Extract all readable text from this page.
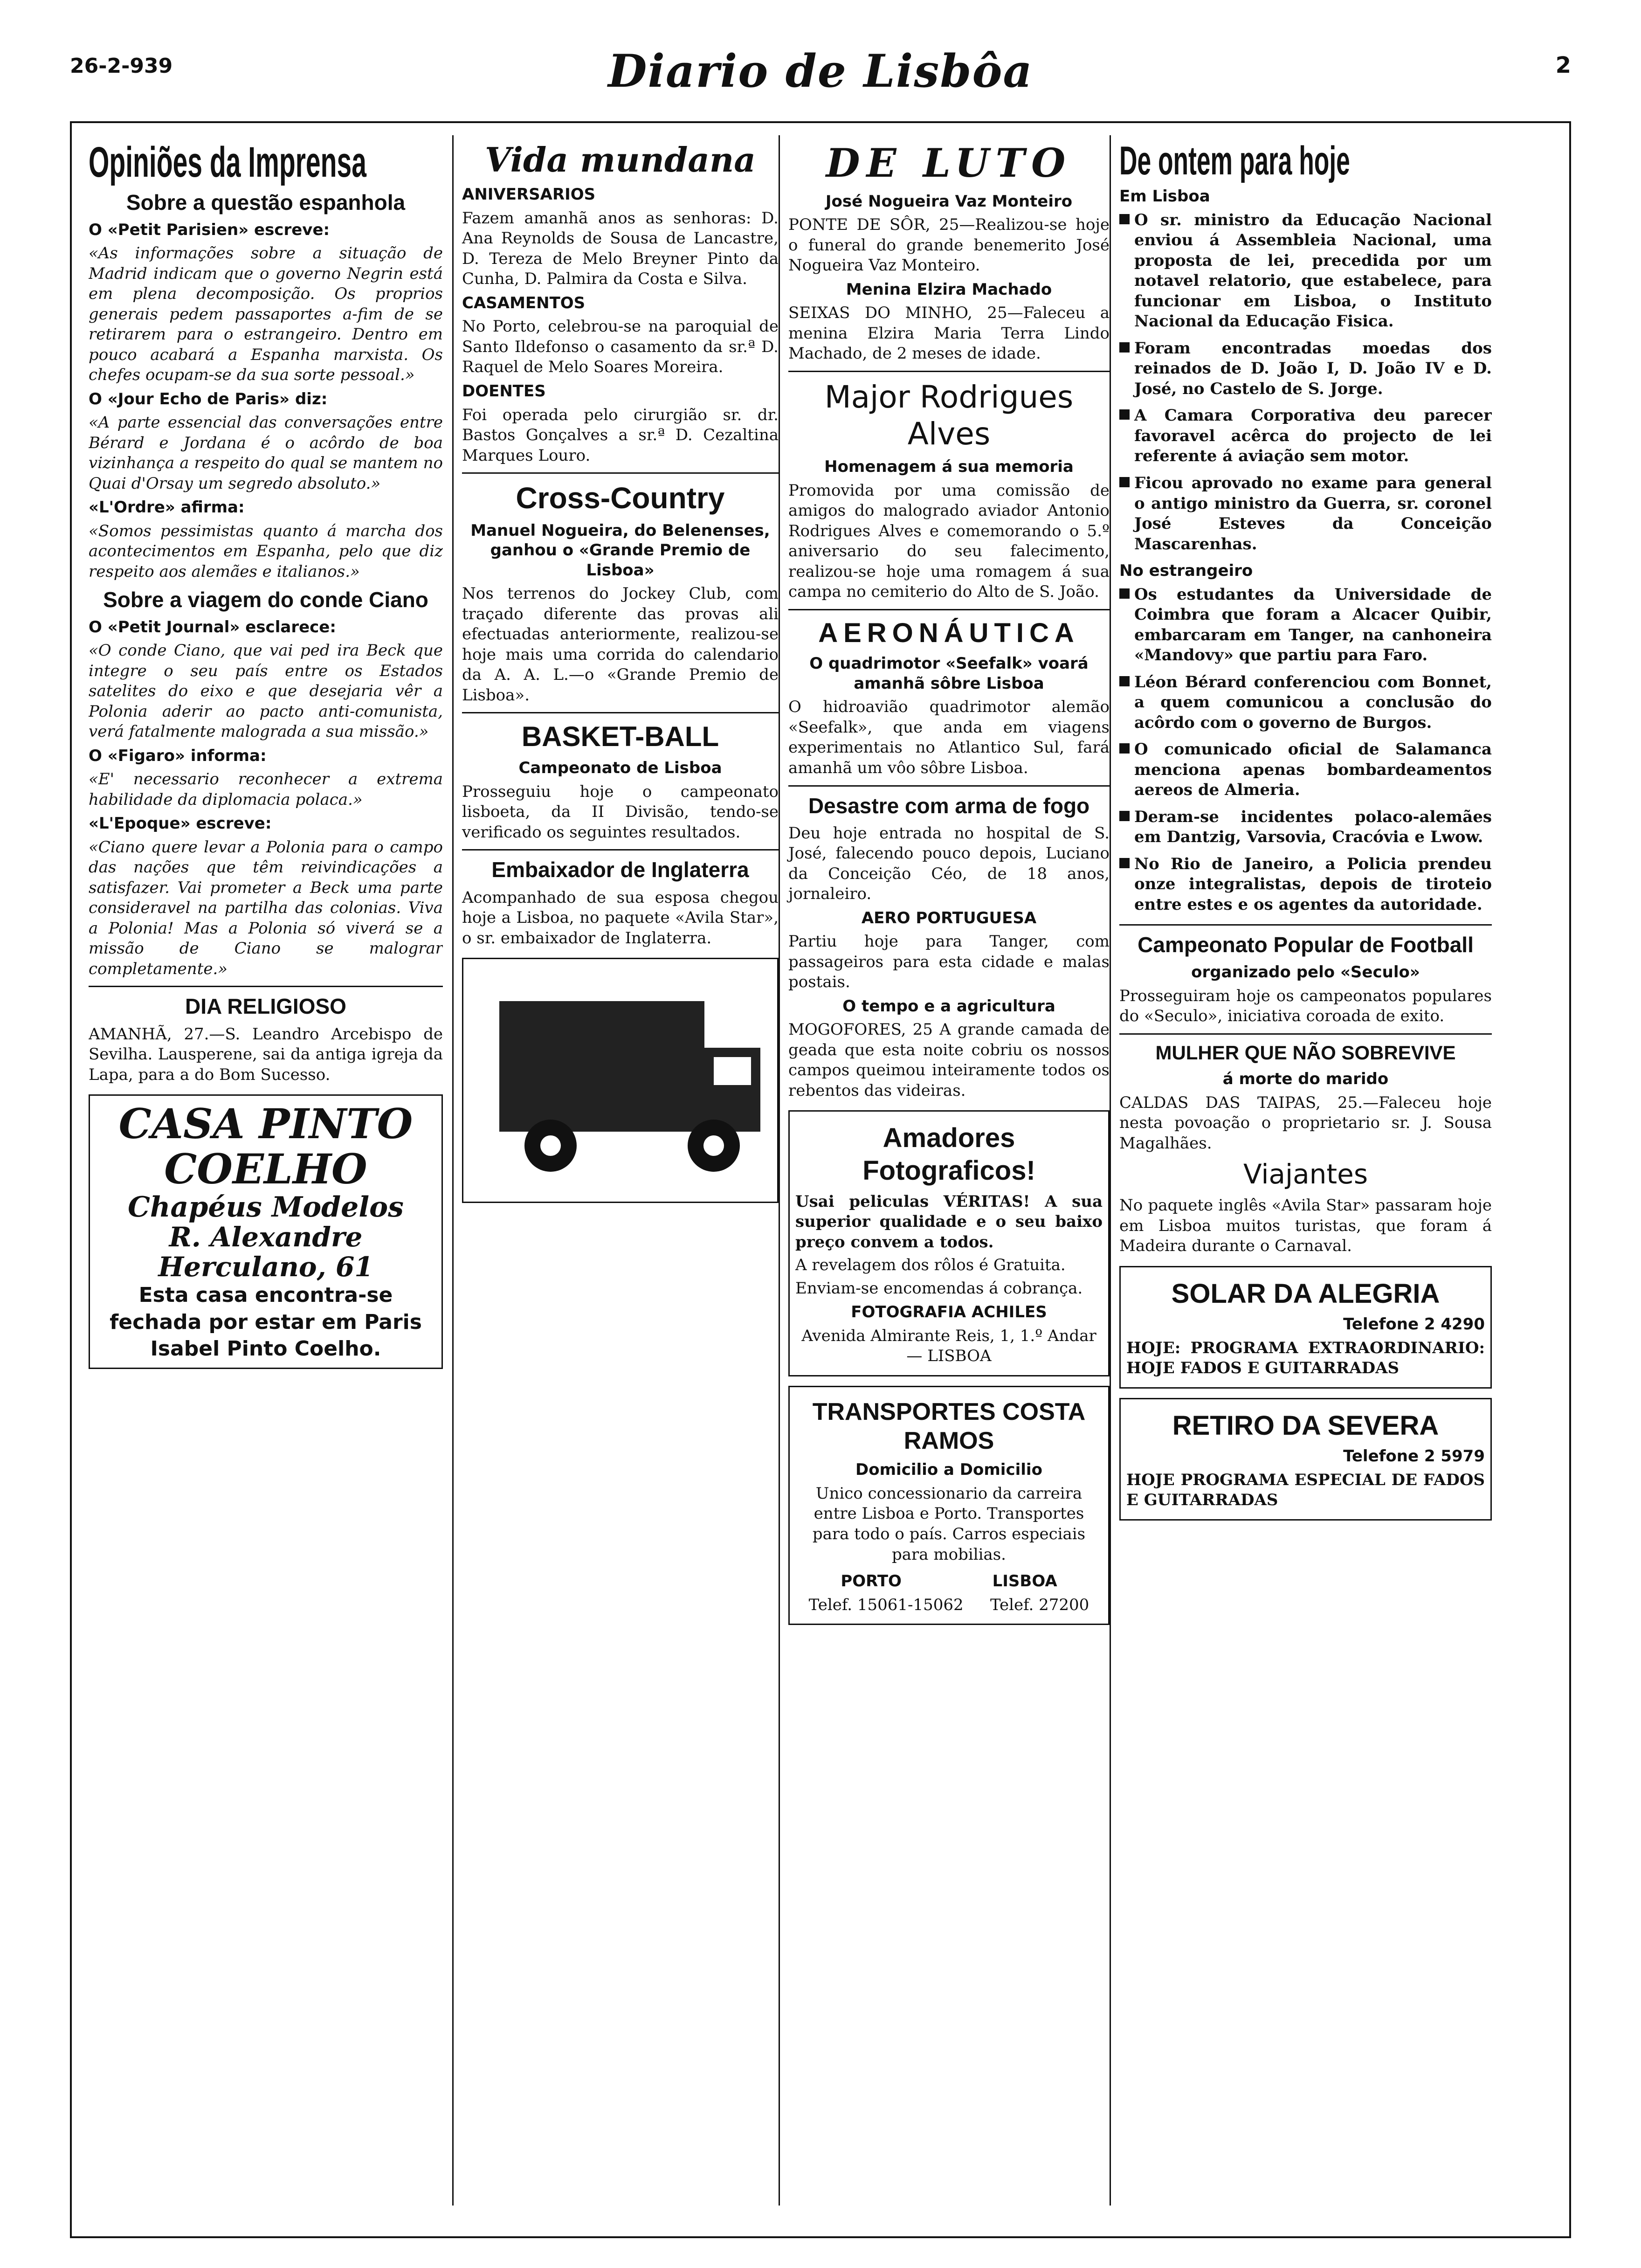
26-2-939	Diario de Lisbôa	2
Opiniões da Imprensa
Sobre a questão espanhola
O «Petit Parisien» escreve:

«As informações sobre a situação de Madrid indicam que o governo Negrin está em plena decomposição. Os proprios generais pedem passaportes a-fim de se retirarem para o estrangeiro. Dentro em pouco acabará a Espanha marxista. Os chefes ocupam-se da sua sorte pessoal.»

O «Jour Echo de Paris» diz:

«A parte essencial das conversações entre Bérard e Jordana é o acôrdo de boa vizinhança a respeito do qual se mantem no Quai d'Orsay um segredo absoluto.»

«L'Ordre» afirma:

«Somos pessimistas quanto á marcha dos acontecimentos em Espanha, pelo que diz respeito aos alemães e italianos.»

Sobre a viagem do conde Ciano
O «Petit Journal» esclarece:

«O conde Ciano, que vai ped ira Beck que integre o seu país entre os Estados satelites do eixo e que desejaria vêr a Polonia aderir ao pacto anti-comunista, verá fatalmente malograda a sua missão.»

O «Figaro» informa:

«E' necessario reconhecer a extrema habilidade da diplomacia polaca.»

«L'Epoque» escreve:

«Ciano quere levar a Polonia para o campo das nações que têm reivindicações a satisfazer. Vai prometer a Beck uma parte consideravel na partilha das colonias. Viva a Polonia! Mas a Polonia só viverá se a missão de Ciano se malograr completamente.»

DIA RELIGIOSO

AMANHÃ, 27.—S. Leandro Arcebispo de Sevilha. Lausperene, sai da antiga igreja da Lapa, para a do Bom Sucesso.

CASA PINTO COELHO
Chapéus Modelos
R. Alexandre Herculano, 61
Esta casa encontra-se fechada por estar em Paris Isabel Pinto Coelho.
Vida mundana
ANIVERSARIOS

Fazem amanhã anos as senhoras: D. Ana Reynolds de Sousa de Lancastre, D. Tereza de Melo Breyner Pinto da Cunha, D. Palmira da Costa e Silva.

CASAMENTOS

No Porto, celebrou-se na paroquial de Santo Ildefonso o casamento da sr.ª D. Raquel de Melo Soares Moreira.

DOENTES

Foi operada pelo cirurgião sr. dr. Bastos Gonçalves a sr.ª D. Cezaltina Marques Louro.

Cross-Country
Manuel Nogueira, do Belenenses, ganhou o «Grande Premio de Lisboa»

Nos terrenos do Jockey Club, com traçado diferente das provas ali efectuadas anteriormente, realizou-se hoje mais uma corrida do calendario da A. A. L.—o «Grande Premio de Lisboa».

BASKET-BALL
Campeonato de Lisboa

Prosseguiu hoje o campeonato lisboeta, da II Divisão, tendo-se verificado os seguintes resultados.

Embaixador de Inglaterra

Acompanhado de sua esposa chegou hoje a Lisboa, no paquete «Avila Star», o sr. embaixador de Inglaterra.

DE LUTO
José Nogueira Vaz Monteiro

PONTE DE SÔR, 25—Realizou-se hoje o funeral do grande benemerito José Nogueira Vaz Monteiro.

Menina Elzira Machado

SEIXAS DO MINHO, 25—Faleceu a menina Elzira Maria Terra Lindo Machado, de 2 meses de idade.

Major Rodrigues Alves
Homenagem á sua memoria

Promovida por uma comissão de amigos do malogrado aviador Antonio Rodrigues Alves e comemorando o 5.º aniversario do seu falecimento, realizou-se hoje uma romagem á sua campa no cemiterio do Alto de S. João.

AERONÁUTICA
O quadrimotor «Seefalk» voará amanhã sôbre Lisboa

O hidroavião quadrimotor alemão «Seefalk», que anda em viagens experimentais no Atlantico Sul, fará amanhã um vôo sôbre Lisboa.

Desastre com arma de fogo

Deu hoje entrada no hospital de S. José, falecendo pouco depois, Luciano da Conceição Céo, de 18 anos, jornaleiro.

AERO PORTUGUESA

Partiu hoje para Tanger, com passageiros para esta cidade e malas postais.

O tempo e a agricultura

MOGOFORES, 25 A grande camada de geada que esta noite cobriu os nossos campos queimou inteiramente todos os rebentos das videiras.

Amadores Fotograficos!

Usai peliculas VÉRITAS! A sua superior qualidade e o seu baixo preço convem a todos.

A revelagem dos rôlos é Gratuita.

Enviam-se encomendas á cobrança.

FOTOGRAFIA ACHILES

Avenida Almirante Reis, 1, 1.º Andar — LISBOA

TRANSPORTES COSTA RAMOS
Domicilio a Domicilio

Unico concessionario da carreira entre Lisboa e Porto. Transportes para todo o país. Carros especiais para mobilias.

PORTO	LISBOA
Telef. 15061-15062 Telef. 27200
De ontem para hoje
Em Lisboa

O sr. ministro da Educação Nacional enviou á Assembleia Nacional, uma proposta de lei, precedida por um notavel relatorio, que estabelece, para funcionar em Lisboa, o Instituto Nacional da Educação Fisica.

Foram encontradas moedas dos reinados de D. João I, D. João IV e D. José, no Castelo de S. Jorge.

A Camara Corporativa deu parecer favoravel acêrca do projecto de lei referente á aviação sem motor.

Ficou aprovado no exame para general o antigo ministro da Guerra, sr. coronel José Esteves da Conceição Mascarenhas.

No estrangeiro

Os estudantes da Universidade de Coimbra que foram a Alcacer Quibir, embarcaram em Tanger, na canhoneira «Mandovy» que partiu para Faro.

Léon Bérard conferenciou com Bonnet, a quem comunicou a conclusão do acôrdo com o governo de Burgos.

O comunicado oficial de Salamanca menciona apenas bombardeamentos aereos de Almeria.

Deram-se incidentes polaco-alemães em Dantzig, Varsovia, Cracóvia e Lwow.

No Rio de Janeiro, a Policia prendeu onze integralistas, depois de tiroteio entre estes e os agentes da autoridade.

Campeonato Popular de Football
organizado pelo «Seculo»

Prosseguiram hoje os campeonatos populares do «Seculo», iniciativa coroada de exito.

MULHER QUE NÃO SOBREVIVE
á morte do marido

CALDAS DAS TAIPAS, 25.—Faleceu hoje nesta povoação o proprietario sr. J. Sousa Magalhães.

Viajantes

No paquete inglês «Avila Star» passaram hoje em Lisboa muitos turistas, que foram á Madeira durante o Carnaval.

SOLAR DA ALEGRIA
Telefone 2 4290

HOJE: PROGRAMA EXTRAORDINARIO: HOJE FADOS E GUITARRADAS

RETIRO DA SEVERA
Telefone 2 5979

HOJE PROGRAMA ESPECIAL DE FADOS E GUITARRADAS
